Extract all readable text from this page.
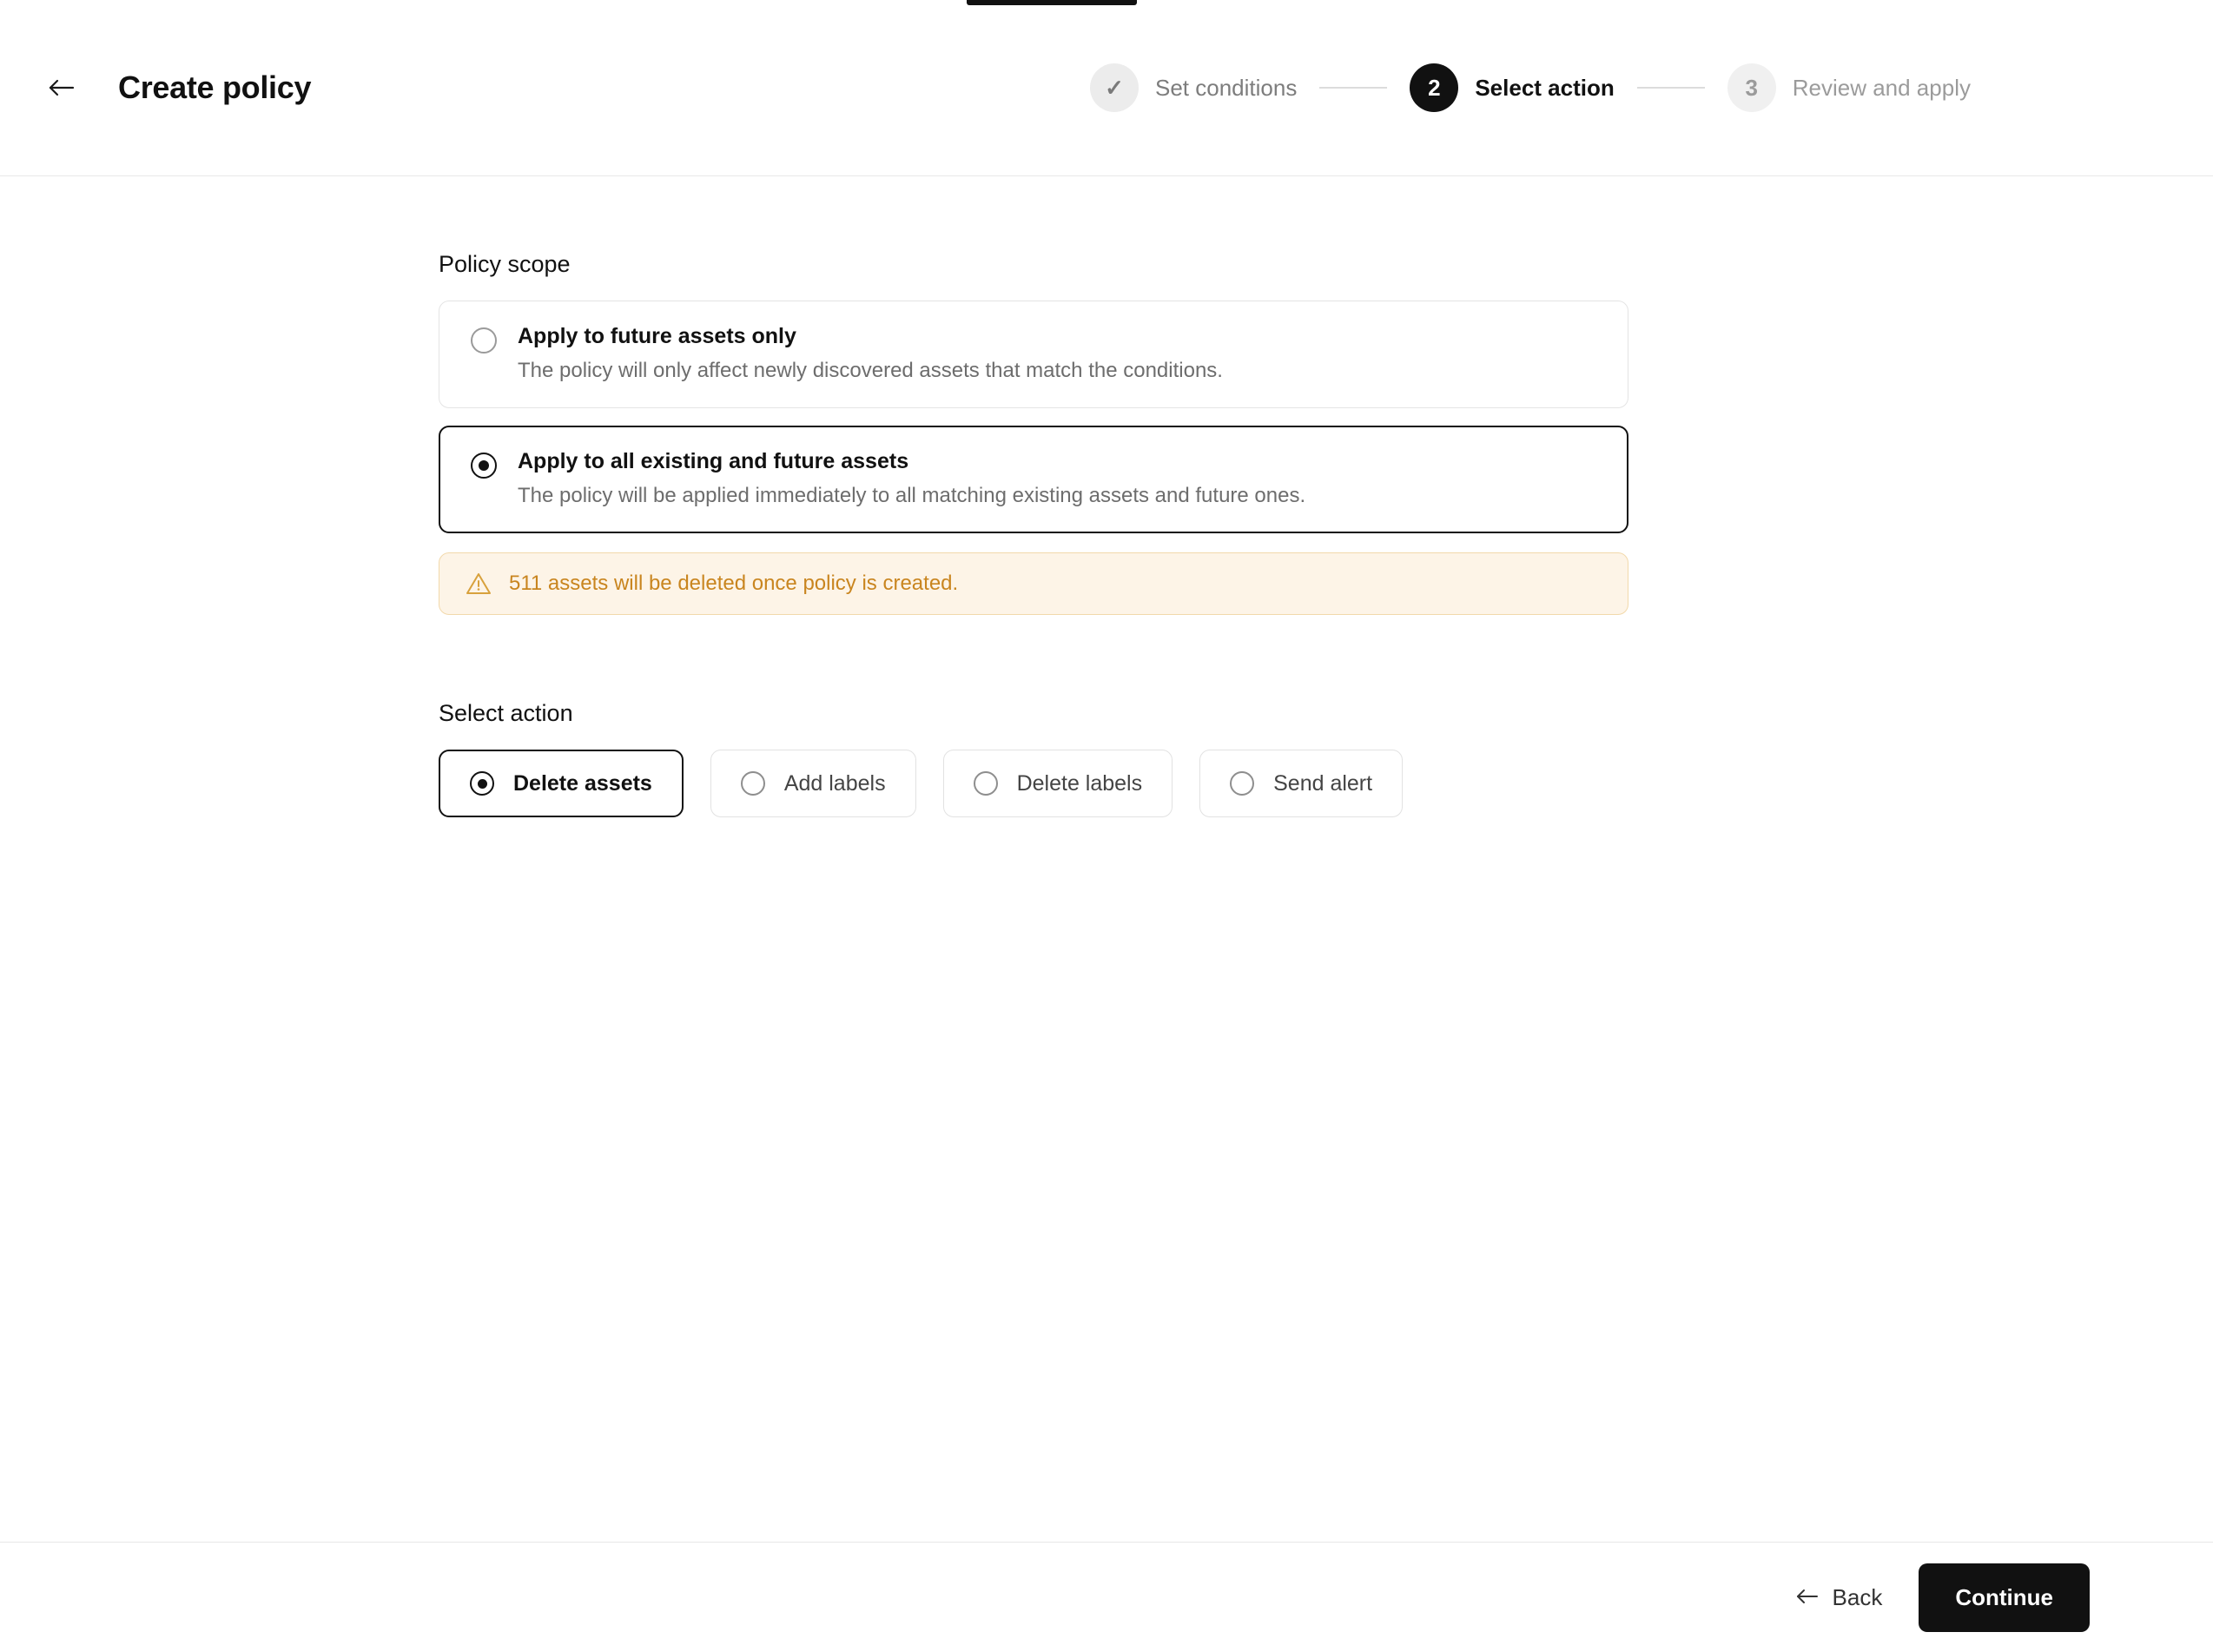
Create policy	✓	Set conditions	2	Select action	3	Review and apply
Policy scope
Apply to future assets only
The policy will only affect newly discovered assets that match the conditions.
Apply to all existing and future assets
The policy will be applied immediately to all matching existing assets and future ones.
511 assets will be deleted once policy is created.
Select action
Delete assets	Add labels	Delete labels	Send alert
Back	Continue
